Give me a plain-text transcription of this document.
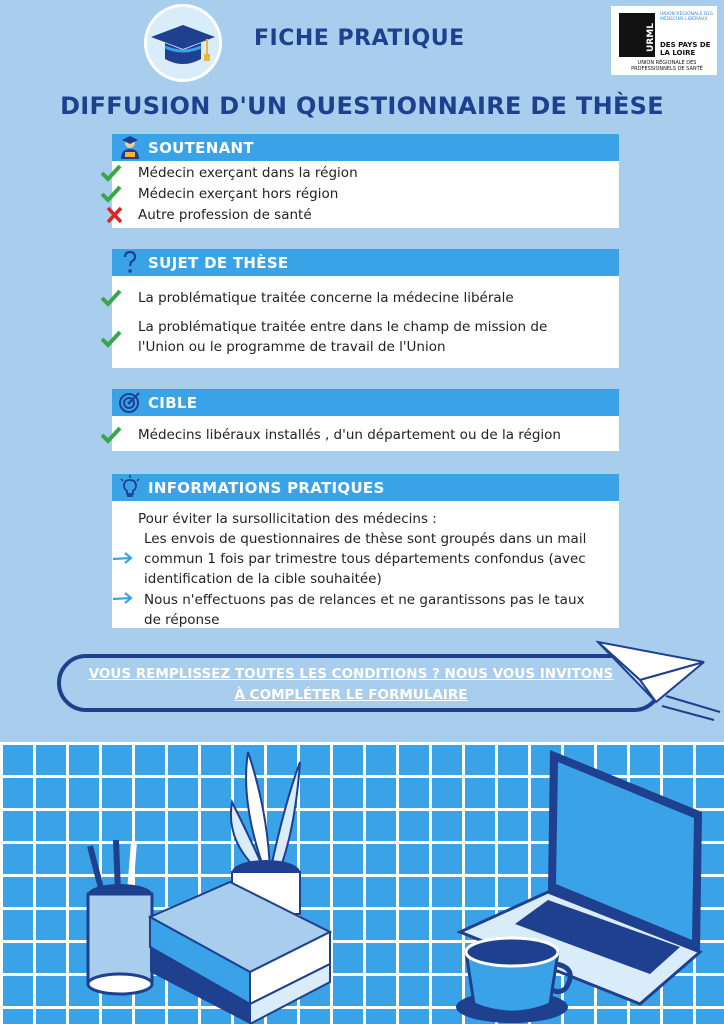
FICHE PRATIQUE	URML
UNION RÉGIONALE DES MÉDECINS LIBÉRAUX
DES PAYS DE LA LOIRE
UNION RÉGIONALE DES PROFESSIONNELS DE SANTÉ
DIFFUSION D'UN QUESTIONNAIRE DE THÈSE
SOUTENANT
Médecin exerçant dans la région
Médecin exerçant hors région
Autre profession de santé
SUJET DE THÈSE
La problématique traitée concerne la médecine libérale
La problématique traitée entre dans le champ de mission de
l'Union ou le programme de travail de l'Union
CIBLE
Médecins libéraux installés , d'un département ou de la région
INFORMATIONS PRATIQUES
Pour éviter la sursollicitation des médecins :
Les envois de questionnaires de thèse sont groupés dans un mail
commun 1 fois par trimestre tous départements confondus (avec
identification de la cible souhaitée)
Nous n'effectuons pas de relances et ne garantissons pas le taux
de réponse
VOUS REMPLISSEZ TOUTES LES CONDITIONS ? NOUS VOUS INVITONS
À COMPLÉTER LE FORMULAIRE
